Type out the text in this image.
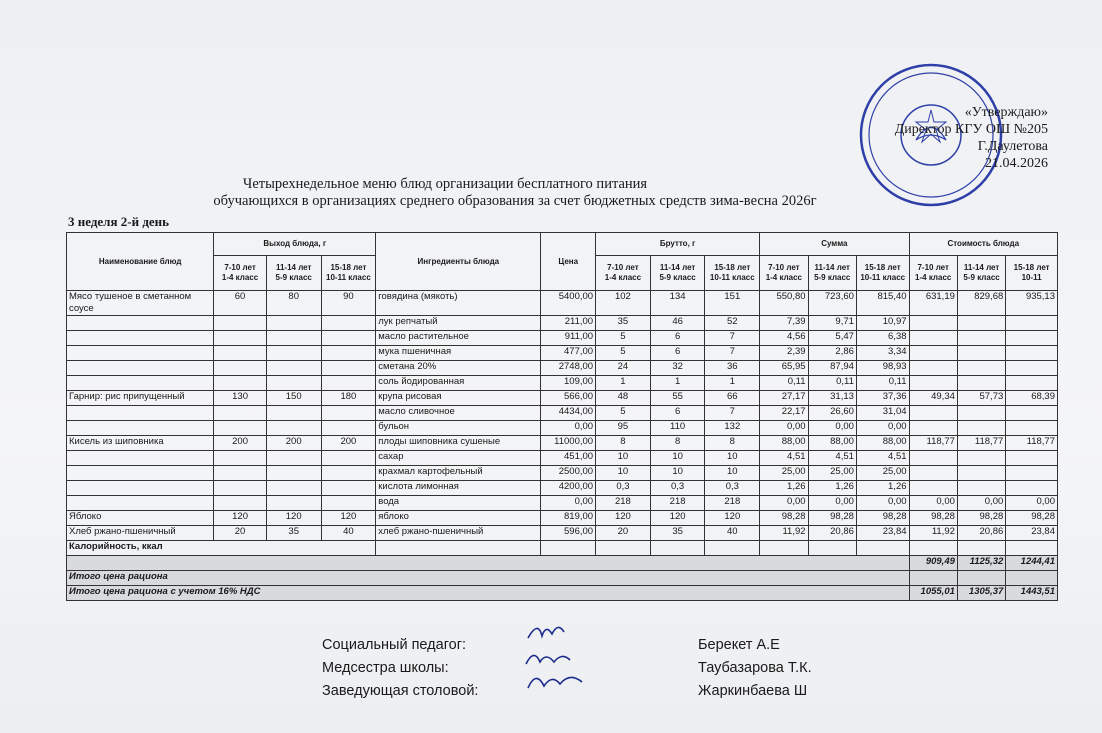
«Утверждаю»
Директор КГУ ОШ №205
Г.Даулетова
21.04.2026
Четырехнедельное меню блюд организации бесплатного питания
обучающихся в организациях среднего образования за счет бюджетных средств зима-весна 2026г
3 неделя 2-й день
Наименование блюд	Выход блюда, г			Ингредиенты блюда	Цена	Брутто, г			Сумма			Стоимость блюда		
	7-10 лет
1-4 класс	11-14 лет
5-9 класс	15-18 лет
10-11 класс			7-10 лет
1-4 класс	11-14 лет
5-9 класс	15-18 лет
10-11 класс	7-10 лет
1-4 класс	11-14 лет
5-9 класс	15-18 лет
10-11 класс	7-10 лет
1-4 класс	11-14 лет
5-9 класс	15-18 лет
10-11
Мясо тушеное в сметанном соусе	60	80	90	говядина (мякоть)	5400,00	102	134	151	550,80	723,60	815,40	631,19	829,68	935,13
				лук репчатый	211,00	35	46	52	7,39	9,71	10,97			
				масло растительное	911,00	5	6	7	4,56	5,47	6,38			
				мука пшеничная	477,00	5	6	7	2,39	2,86	3,34			
				сметана 20%	2748,00	24	32	36	65,95	87,94	98,93			
				соль йодированная	109,00	1	1	1	0,11	0,11	0,11			
Гарнир: рис припущенный	130	150	180	крупа рисовая	566,00	48	55	66	27,17	31,13	37,36	49,34	57,73	68,39
				масло сливочное	4434,00	5	6	7	22,17	26,60	31,04			
				бульон	0,00	95	110	132	0,00	0,00	0,00			
Кисель из шиповника	200	200	200	плоды шиповника сушеные	11000,00	8	8	8	88,00	88,00	88,00	118,77	118,77	118,77
				сахар	451,00	10	10	10	4,51	4,51	4,51			
				крахмал картофельный	2500,00	10	10	10	25,00	25,00	25,00			
				кислота лимонная	4200,00	0,3	0,3	0,3	1,26	1,26	1,26			
				вода	0,00	218	218	218	0,00	0,00	0,00	0,00	0,00	0,00
Яблоко	120	120	120	яблоко	819,00	120	120	120	98,28	98,28	98,28	98,28	98,28	98,28
Хлеб ржано-пшеничный	20	35	40	хлеб ржано-пшеничный	596,00	20	35	40	11,92	20,86	23,84	11,92	20,86	23,84
Калорийность, ккал														
												909,49	1125,32	1244,41
Итого цена рациона														
Итого цена рациона с учетом 16% НДС												1055,01	1305,37	1443,51
Социальный педагог:	Берекет А.Е
Медсестра школы:	Таубазарова Т.К.
Заведующая столовой:	Жаркинбаева Ш
